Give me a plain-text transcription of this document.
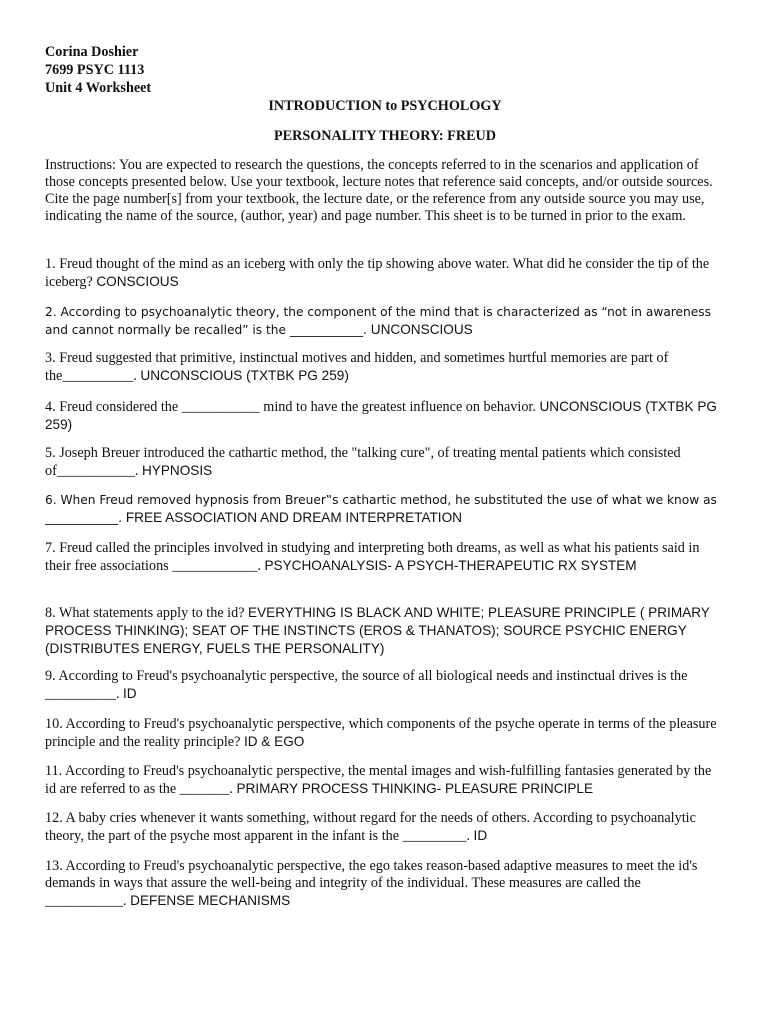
Corina Doshier

7699 PSYC 1113

Unit 4 Worksheet

INTRODUCTION to PSYCHOLOGY

PERSONALITY THEORY: FREUD

Instructions: You are expected to research the questions, the concepts referred to in the scenarios and application of those concepts presented below. Use your textbook, lecture notes that reference said concepts, and/or outside sources. Cite the page number[s] from your textbook, the lecture date, or the reference from any outside source you may use, indicating the name of the source, (author, year) and page number. This sheet is to be turned in prior to the exam.

1. Freud thought of the mind as an iceberg with only the tip showing above water. What did he consider the tip of the iceberg? CONSCIOUS

2. According to psychoanalytic theory, the component of the mind that is characterized as “not in awareness and cannot normally be recalled” is the ____________. UNCONSCIOUS

3. Freud suggested that primitive, instinctual motives and hidden, and sometimes hurtful memories are part of the__________. UNCONSCIOUS (TXTBK PG 259)

4. Freud considered the ___________ mind to have the greatest influence on behavior. UNCONSCIOUS (TXTBK PG 259)

5. Joseph Breuer introduced the cathartic method, the "talking cure", of treating mental patients which consisted of___________. HYPNOSIS

6. When Freud removed hypnosis from Breuer‟s cathartic method, he substituted the use of what we know as ____________. FREE ASSOCIATION AND DREAM INTERPRETATION

7. Freud called the principles involved in studying and interpreting both dreams, as well as what his patients said in their free associations ____________. PSYCHOANALYSIS- A PSYCH-THERAPEUTIC RX SYSTEM

8. What statements apply to the id? EVERYTHING IS BLACK AND WHITE; PLEASURE PRINCIPLE ( PRIMARY PROCESS THINKING); SEAT OF THE INSTINCTS (EROS & THANATOS); SOURCE PSYCHIC ENERGY (DISTRIBUTES ENERGY, FUELS THE PERSONALITY)

9. According to Freud's psychoanalytic perspective, the source of all biological needs and instinctual drives is the __________. ID

10. According to Freud's psychoanalytic perspective, which components of the psyche operate in terms of the pleasure principle and the reality principle? ID & EGO

11. According to Freud's psychoanalytic perspective, the mental images and wish-fulfilling fantasies generated by the id are referred to as the _______. PRIMARY PROCESS THINKING- PLEASURE PRINCIPLE

12. A baby cries whenever it wants something, without regard for the needs of others. According to psychoanalytic theory, the part of the psyche most apparent in the infant is the _________. ID

13. According to Freud's psychoanalytic perspective, the ego takes reason-based adaptive measures to meet the id's demands in ways that assure the well-being and integrity of the individual. These measures are called the ___________. DEFENSE MECHANISMS
